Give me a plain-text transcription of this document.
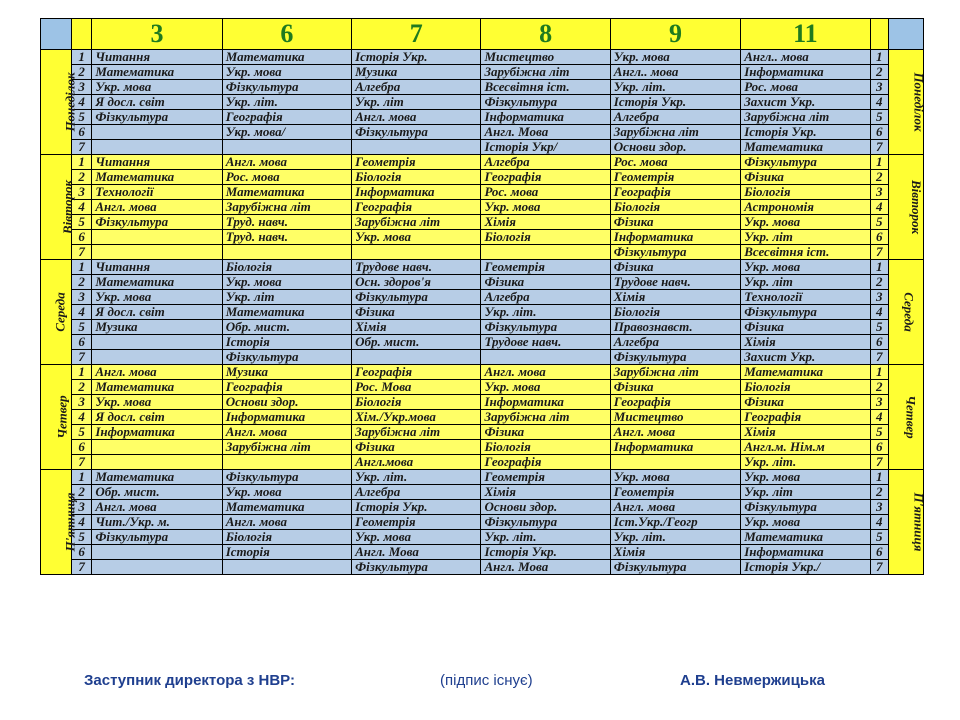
		3	6	7	8	9	11		
Понеділок	1	Читання	Математика	Історія Укр.	Мистецтво	Укр. мова	Англ.. мова	1	Понеділок
	2	Математика	Укр. мова	Музика	Зарубіжна літ	Англ.. мова	Інформатика	2	
	3	Укр. мова	Фізкультура	Алгебра	Всесвітня іст.	Укр. літ.	Рос. мова	3	
	4	Я досл. світ	Укр. літ.	Укр. літ	Фізкультура	Історія Укр.	Захист Укр.	4	
	5	Фізкультура	Географія	Англ. мова	Інформатика	Алгебра	Зарубіжна літ	5	
	6		Укр. мова/	Фізкультура	Англ. Мова	Зарубіжна літ	Історія Укр.	6	
	7				Історія Укр/	Основи здор.	Математика	7	
Вівторок	1	Читання	Англ. мова	Геометрія	Алгебра	Рос. мова	Фізкультура	1	Вівторок
	2	Математика	Рос. мова	Біологія	Географія	Геометрія	Фізика	2	
	3	Технології	Математика	Інформатика	Рос. мова	Географія	Біологія	3	
	4	Англ. мова	Зарубіжна літ	Географія	Укр. мова	Біологія	Астрономія	4	
	5	Фізкультура	Труд. навч.	Зарубіжна літ	Хімія	Фізика	Укр. мова	5	
	6		Труд. навч.	Укр. мова	Біологія	Інформатика	Укр. літ	6	
	7					Фізкультура	Всесвітня іст.	7	
Середа	1	Читання	Біологія	Трудове навч.	Геометрія	Фізика	Укр. мова	1	Середа
	2	Математика	Укр. мова	Осн. здоров'я	Фізика	Трудове навч.	Укр. літ	2	
	3	Укр. мова	Укр. літ	Фізкультура	Алгебра	Хімія	Технології	3	
	4	Я досл. світ	Математика	Фізика	Укр. літ.	Біологія	Фізкультура	4	
	5	Музика	Обр. мист.	Хімія	Фізкультура	Правознавст.	Фізика	5	
	6		Історія	Обр. мист.	Трудове навч.	Алгебра	Хімія	6	
	7		Фізкультура			Фізкультура	Захист Укр.	7	
Четвер	1	Англ. мова	Музика	Географія	Англ. мова	Зарубіжна літ	Математика	1	Четвер
	2	Математика	Географія	Рос. Мова	Укр. мова	Фізика	Біологія	2	
	3	Укр. мова	Основи здор.	Біологія	Інформатика	Географія	Фізика	3	
	4	Я досл. світ	Інформатика	Хім./Укр.мова	Зарубіжна літ	Мистецтво	Географія	4	
	5	Інформатика	Англ. мова	Зарубіжна літ	Фізика	Англ. мова	Хімія	5	
	6		Зарубіжна літ	Фізика	Біологія	Інформатика	Англ.м. Нім.м	6	
	7			Англ.мова	Географія		Укр. літ.	7	
П'ятниця	1	Математика	Фізкультура	Укр. літ.	Геометрія	Укр. мова	Укр. мова	1	П'ятниця
	2	Обр. мист.	Укр. мова	Алгебра	Хімія	Геометрія	Укр. літ	2	
	3	Англ. мова	Математика	Історія Укр.	Основи здор.	Англ. мова	Фізкультура	3	
	4	Чит./Укр. м.	Англ. мова	Геометрія	Фізкультура	Іст.Укр./Геогр	Укр. мова	4	
	5	Фізкультура	Біологія	Укр. мова	Укр. літ.	Укр. літ.	Математика	5	
	6		Історія	Англ. Мова	Історія Укр.	Хімія	Інформатика	6	
	7			Фізкультура	Англ. Мова	Фізкультура	Історія Укр./	7	
Заступник директора з НВР:	(підпис існує)	А.В. Невмержицька
